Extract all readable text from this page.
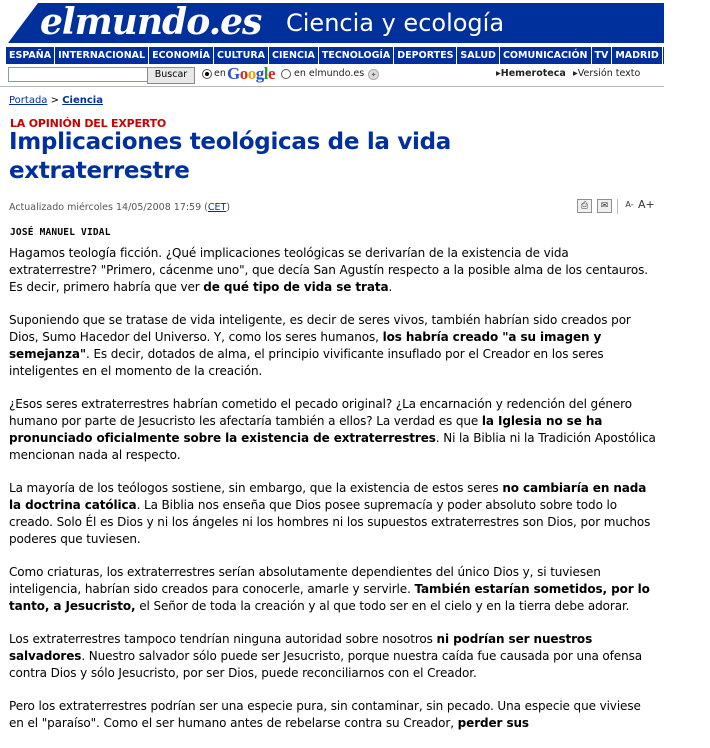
elmundo.es Ciencia y ecología
ESPAÑA INTERNACIONAL ECONOMÍA CULTURA CIENCIA TECNOLOGÍA DEPORTES SALUD COMUNICACIÓN TV MADRID BCN IB
Buscar	en Google en elmundo.es ✦	▸Hemeroteca ▸Versión texto
Portada > Ciencia
LA OPINIÓN DEL EXPERTO
Implicaciones teológicas de la vida extraterrestre
Actualizado miércoles 14/05/2008 17:59 (CET)	⎙	✉	A- A+
JOSÉ MANUEL VIDAL

Hagamos teología ficción. ¿Qué implicaciones teológicas se derivarían de la existencia de vida extraterrestre? "Primero, cácenme uno", que decía San Agustín respecto a la posible alma de los centauros. Es decir, primero habría que ver de qué tipo de vida se trata.

Suponiendo que se tratase de vida inteligente, es decir de seres vivos, también habrían sido creados por Dios, Sumo Hacedor del Universo. Y, como los seres humanos, los habría creado "a su imagen y semejanza". Es decir, dotados de alma, el principio vivificante insuflado por el Creador en los seres inteligentes en el momento de la creación.

¿Esos seres extraterrestres habrían cometido el pecado original? ¿La encarnación y redención del género humano por parte de Jesucristo les afectaría también a ellos? La verdad es que la Iglesia no se ha pronunciado oficialmente sobre la existencia de extraterrestres. Ni la Biblia ni la Tradición Apostólica mencionan nada al respecto.

La mayoría de los teólogos sostiene, sin embargo, que la existencia de estos seres no cambiaría en nada la doctrina católica. La Biblia nos enseña que Dios posee supremacía y poder absoluto sobre todo lo creado. Solo Él es Dios y ni los ángeles ni los hombres ni los supuestos extraterrestres son Dios, por muchos poderes que tuviesen.

Como criaturas, los extraterrestres serían absolutamente dependientes del único Dios y, si tuviesen inteligencia, habrían sido creados para conocerle, amarle y servirle. También estarían sometidos, por lo tanto, a Jesucristo, el Señor de toda la creación y al que todo ser en el cielo y en la tierra debe adorar.

Los extraterrestres tampoco tendrían ninguna autoridad sobre nosotros ni podrían ser nuestros salvadores. Nuestro salvador sólo puede ser Jesucristo, porque nuestra caída fue causada por una ofensa contra Dios y sólo Jesucristo, por ser Dios, puede reconciliarnos con el Creador.

Pero los extraterrestres podrían ser una especie pura, sin contaminar, sin pecado. Una especie que viviese en el "paraíso". Como el ser humano antes de rebelarse contra su Creador, perder sus
